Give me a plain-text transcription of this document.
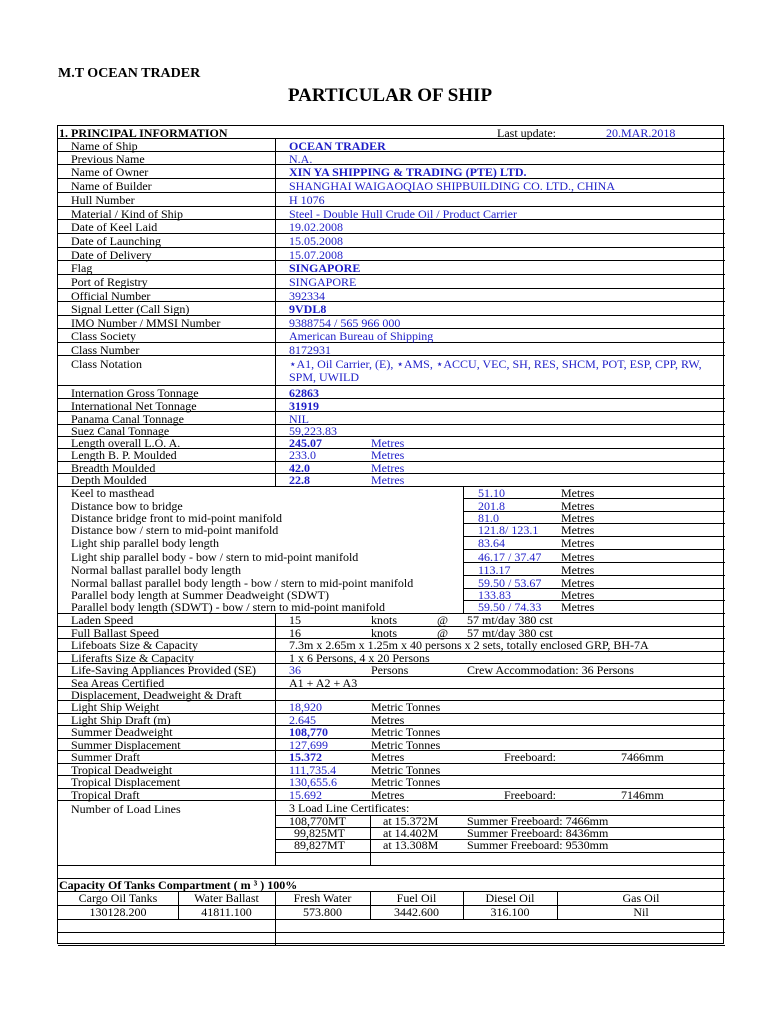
M.T OCEAN TRADER
PARTICULAR OF SHIP
1. PRINCIPAL INFORMATION	Last update:	20.MAR.2018
Name of Ship	OCEAN TRADER
Previous Name	N.A.
Name of Owner	XIN YA SHIPPING & TRADING (PTE) LTD.
Name of Builder	SHANGHAI WAIGAOQIAO SHIPBUILDING CO. LTD., CHINA
Hull Number	H 1076
Material / Kind of Ship	Steel - Double Hull Crude Oil / Product Carrier
Date of Keel Laid	19.02.2008
Date of Launching	15.05.2008
Date of Delivery	15.07.2008
Flag	SINGAPORE
Port of Registry	SINGAPORE
Official Number	392334
Signal Letter (Call Sign)	9VDL8
IMO Number / MMSI Number	9388754 / 565 966 000
Class Society	American Bureau of Shipping
Class Number	8172931
Class Notation	⋆A1, Oil Carrier, (E), ⋆AMS, ⋆ACCU, VEC, SH, RES, SHCM, POT, ESP, CPP, RW, SPM, UWILD
Internation Gross Tonnage	62863
International Net Tonnage	31919
Panama Canal Tonnage	NIL
Suez Canal Tonnage	59,223.83
Length overall L.O. A.	245.07	Metres
Length B. P. Moulded	233.0	Metres
Breadth Moulded	42.0	Metres
Depth Moulded	22.8	Metres
Keel to masthead	51.10	Metres
Distance bow to bridge	201.8	Metres
Distance bridge front to mid-point manifold	81.0	Metres
Distance bow / stern to mid-point manifold	121.8/ 123.1 Metres
Light ship parallel body length	83.64	Metres
Light ship parallel body - bow / stern to mid-point manifold	46.17 / 37.47 Metres
Normal ballast parallel body length	113.17	Metres
Normal ballast parallel body length - bow / stern to mid-point manifold	59.50 / 53.67 Metres
Parallel body length at Summer Deadweight (SDWT)	133.83	Metres
Parallel body length (SDWT) - bow / stern to mid-point manifold	59.50 / 74.33 Metres
Laden Speed	15	knots	@ 57 mt/day 380 cst
Full Ballast Speed	16	knots	@ 57 mt/day 380 cst
Lifeboats Size & Capacity	7.3m x 2.65m x 1.25m x 40 persons x 2 sets, totally enclosed GRP, BH-7A
Liferafts Size & Capacity	1 x 6 Persons, 4 x 20 Persons
Life-Saving Appliances Provided (SE)	36	Persons	Crew Accommodation: 36 Persons
Sea Areas Certified	A1 + A2 + A3
Displacement, Deadweight & Draft
Light Ship Weight	18,920	Metric Tonnes
Light Ship Draft (m)	2.645	Metres
Summer Deadweight	108,770	Metric Tonnes
Summer Displacement	127,699	Metric Tonnes
Summer Draft	15.372	Metres	Freeboard:	7466mm
Tropical Deadweight	111,735.4	Metric Tonnes
Tropical Displacement	130,655.6	Metric Tonnes
Tropical Draft	15.692	Metres	Freeboard:	7146mm
Number of Load Lines	3 Load Line Certificates:
108,770MT	at 15.372M Summer Freeboard: 7466mm
99,825MT	at 14.402M Summer Freeboard: 8436mm
89,827MT	at 13.308M Summer Freeboard: 9530mm
Capacity Of Tanks Compartment ( m ³ ) 100%
Cargo Oil Tanks	Water Ballast	Fresh Water	Fuel Oil	Diesel Oil	Gas Oil
130128.200	41811.100	573.800	3442.600	316.100	Nil
